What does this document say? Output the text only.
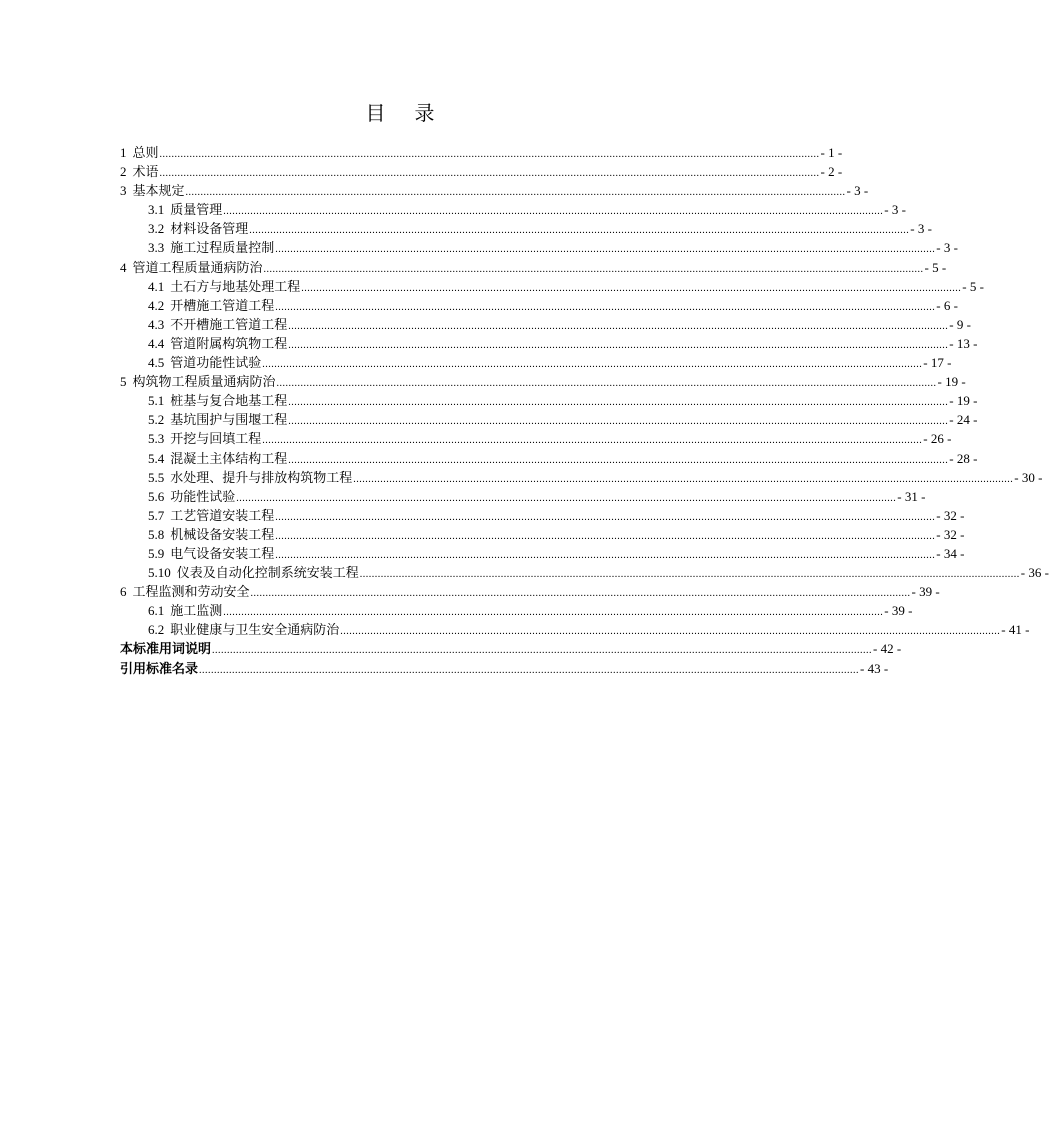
目 录
1 总则 ............................................................................................................................................................................................................................ - 1 -
2 术语 ............................................................................................................................................................................................................................ - 2 -
3 基本规定 ............................................................................................................................................................................................................................ - 3 -
3.1 质量管理 ............................................................................................................................................................................................................................ - 3 -
3.2 材料设备管理 ............................................................................................................................................................................................................................ - 3 -
3.3 施工过程质量控制 ............................................................................................................................................................................................................................ - 3 -
4 管道工程质量通病防治 ............................................................................................................................................................................................................................ - 5 -
4.1 土石方与地基处理工程 ............................................................................................................................................................................................................................ - 5 -
4.2 开槽施工管道工程 ............................................................................................................................................................................................................................ - 6 -
4.3 不开槽施工管道工程 ............................................................................................................................................................................................................................ - 9 -
4.4 管道附属构筑物工程 ............................................................................................................................................................................................................................ - 13 -
4.5 管道功能性试验 ............................................................................................................................................................................................................................ - 17 -
5 构筑物工程质量通病防治 ............................................................................................................................................................................................................................ - 19 -
5.1 桩基与复合地基工程 ............................................................................................................................................................................................................................ - 19 -
5.2 基坑围护与围堰工程 ............................................................................................................................................................................................................................ - 24 -
5.3 开挖与回填工程 ............................................................................................................................................................................................................................ - 26 -
5.4 混凝土主体结构工程 ............................................................................................................................................................................................................................ - 28 -
5.5 水处理、提升与排放构筑物工程 ............................................................................................................................................................................................................................ - 30 -
5.6 功能性试验 ............................................................................................................................................................................................................................ - 31 -
5.7 工艺管道安装工程 ............................................................................................................................................................................................................................ - 32 -
5.8 机械设备安装工程 ............................................................................................................................................................................................................................ - 32 -
5.9 电气设备安装工程 ............................................................................................................................................................................................................................ - 34 -
5.10 仪表及自动化控制系统安装工程 ............................................................................................................................................................................................................................ - 36 -
6 工程监测和劳动安全 ............................................................................................................................................................................................................................ - 39 -
6.1 施工监测 ............................................................................................................................................................................................................................ - 39 -
6.2 职业健康与卫生安全通病防治 ............................................................................................................................................................................................................................ - 41 -
本标准用词说明 ............................................................................................................................................................................................................................ - 42 -
引用标准名录 ............................................................................................................................................................................................................................ - 43 -
